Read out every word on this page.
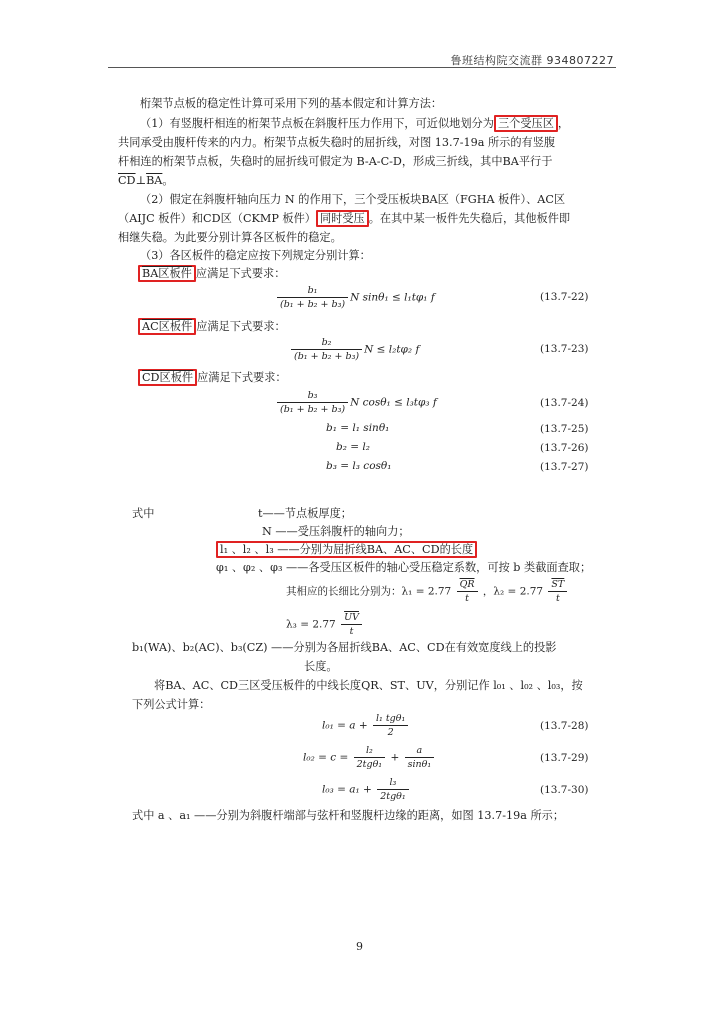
鲁班结构院交流群 934807227
桁架节点板的稳定性计算可采用下列的基本假定和计算方法：
（1）有竖腹杆相连的桁架节点板在斜腹杆压力作用下，可近似地划分为 三个受压区 ，
共同承受由腹杆传来的内力。桁架节点板失稳时的屈折线，对图 13.7-19a 所示的有竖腹
杆相连的桁架节点板，失稳时的屈折线可假定为 B-A-C-D，形成三折线，其中BA平行于
$\overline{CD}\perp\overline{BA}$。
（2）假定在斜腹杆轴向压力 N 的作用下，三个受压板块BA区（FGHA 板件）、AC区
（AIJC 板件）和CD区（CKMP 板件） 同时受压 。在其中某一板件先失稳后，其他板件即
相继失稳。为此要分别计算各区板件的稳定。
（3）各区板件的稳定应按下列规定分别计算：
BA区板件 应满足下式要求：
$\frac{\text{b₁}}{\text{(b₁ + b₂ + b₃)}}$ N sinθ₁ ≤ l₁tφ₁ f	(13.7-22)
AC区板件 应满足下式要求：
$\frac{\text{b₂}}{\text{(b₁ + b₂ + b₃)}}$ N ≤ l₂tφ₂ f	(13.7-23)
CD区板件 应满足下式要求：
$\frac{\text{b₃}}{\text{(b₁ + b₂ + b₃)}}$ N cosθ₁ ≤ l₃tφ₃ f	(13.7-24)
b₁ = l₁ sinθ₁	(13.7-25)
b₂ = l₂	(13.7-26)
b₃ = l₃ cosθ₁	(13.7-27)
式中	t——节点板厚度；
N ——受压斜腹杆的轴向力；
l₁ 、l₂ 、l₃ ——分别为屈折线BA、AC、CD的长度
φ₁ 、φ₂ 、φ₃ ——各受压区板件的轴心受压稳定系数，可按 b 类截面查取；
其相应的长细比分别为：$\lambda_1 = 2.77 \frac{\overline{QR}}{t}$ ，$\lambda_2 = 2.77 \frac{\overline{ST}}{t}$
$\lambda_3 = 2.77 \frac{\overline{UV}}{t}$
b₁(WA)、b₂(AC)、b₃(CZ) ——分别为各屈折线BA、AC、CD在有效宽度线上的投影
长度。
将BA、AC、CD三区受压板件的中线长度QR、ST、UV，分别记作 l₀₁ 、l₀₂ 、l₀₃，按
下列公式计算：
$l_{01} = a + \frac{\text{l₁ tgθ₁}}{2}$	(13.7-28)
$l_{02} = c = \frac{\text{l₂}}{\text{2tgθ₁}} + \frac{a}{\text{sinθ₁}}$	(13.7-29)
$l_{03} = a_1 + \frac{\text{l₃}}{\text{2tgθ₁}}$	(13.7-30)
式中 a 、a₁ ——分别为斜腹杆端部与弦杆和竖腹杆边缘的距离，如图 13.7-19a 所示；
9
